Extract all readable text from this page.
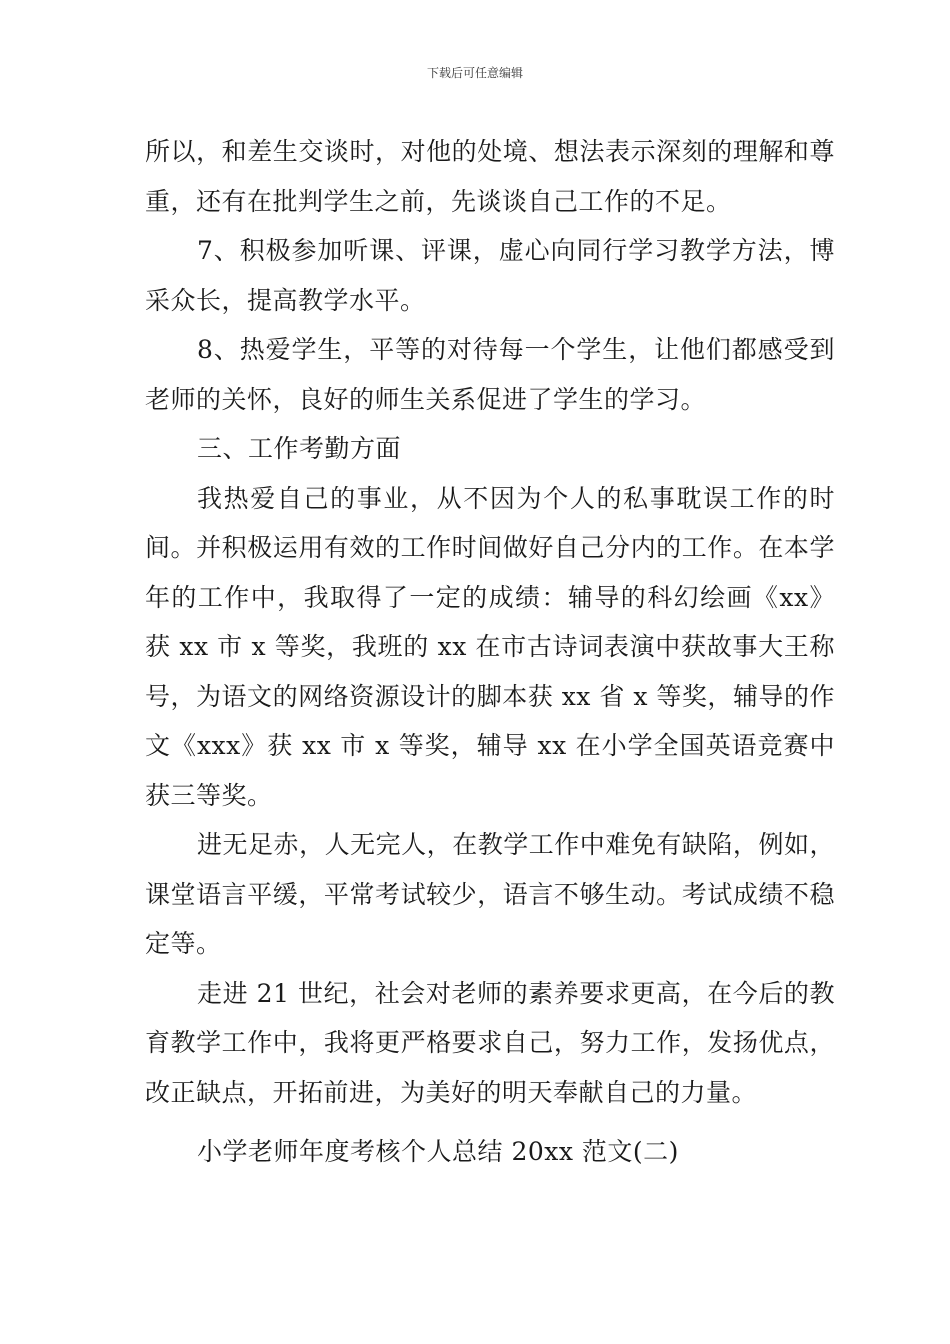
下载后可任意编辑

所以，和差生交谈时，对他的处境、想法表示深刻的理解和尊重，还有在批判学生之前，先谈谈自己工作的不足。

7、积极参加听课、评课，虚心向同行学习教学方法，博采众长，提高教学水平。

8、热爱学生，平等的对待每一个学生，让他们都感受到老师的关怀，良好的师生关系促进了学生的学习。

三、工作考勤方面

我热爱自己的事业，从不因为个人的私事耽误工作的时间。并积极运用有效的工作时间做好自己分内的工作。在本学年的工作中，我取得了一定的成绩：辅导的科幻绘画《xx》获 xx 市 x 等奖，我班的 xx 在市古诗词表演中获故事大王称号，为语文的网络资源设计的脚本获 xx 省 x 等奖，辅导的作文《xxx》获 xx 市 x 等奖，辅导 xx 在小学全国英语竞赛中获三等奖。

进无足赤，人无完人，在教学工作中难免有缺陷，例如，课堂语言平缓，平常考试较少，语言不够生动。考试成绩不稳定等。

走进 21 世纪，社会对老师的素养要求更高，在今后的教育教学工作中，我将更严格要求自己，努力工作，发扬优点，改正缺点，开拓前进，为美好的明天奉献自己的力量。

小学老师年度考核个人总结 20xx 范文(二)
